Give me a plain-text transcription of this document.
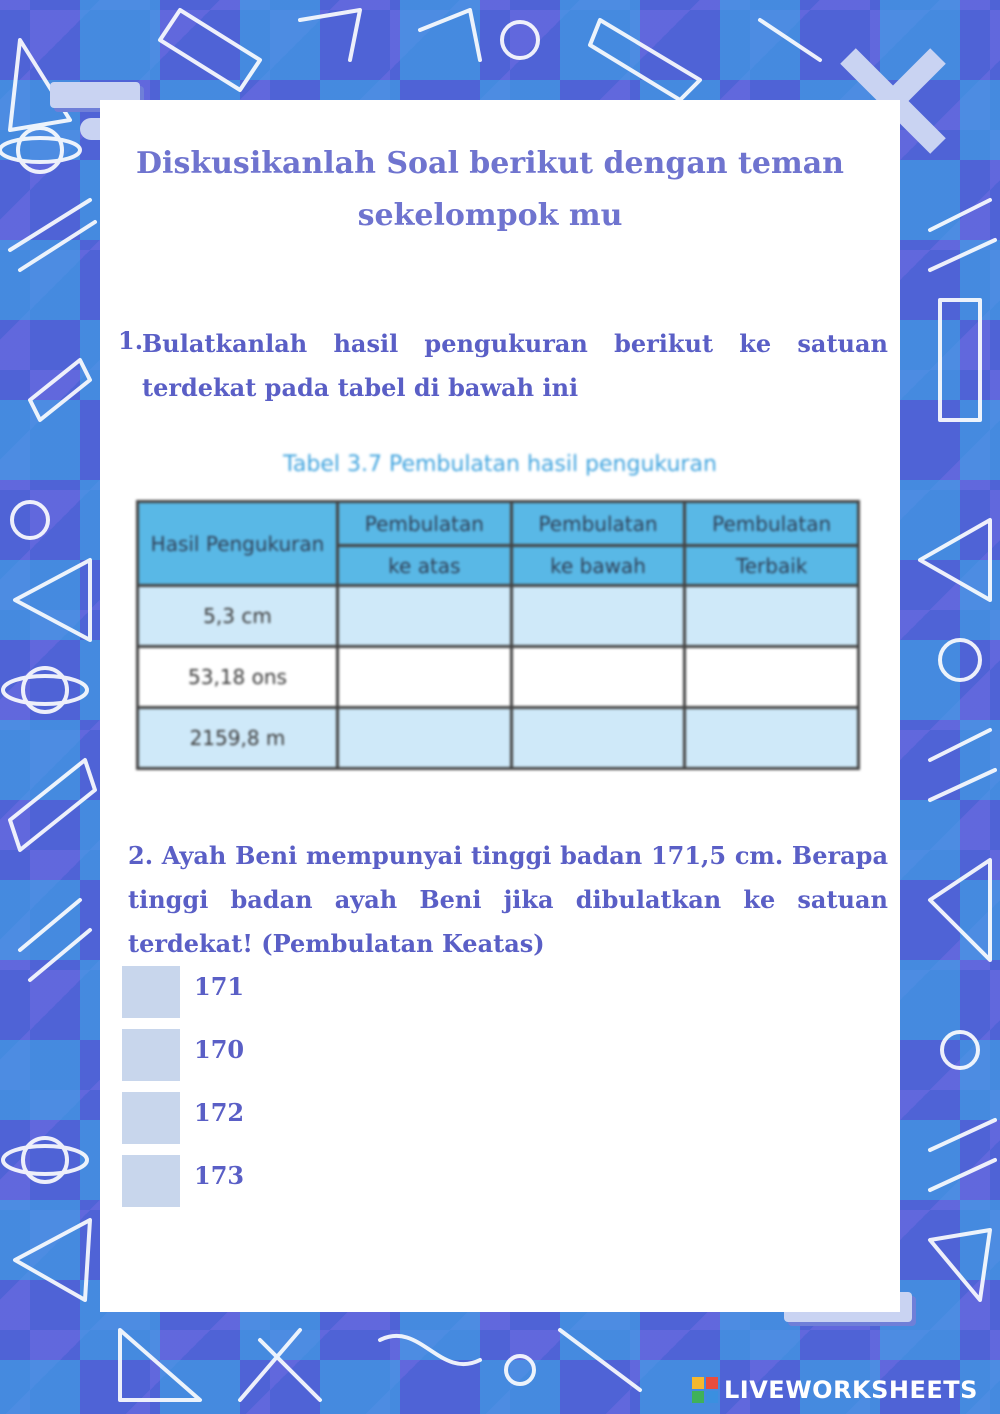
Diskusikanlah Soal berikut dengan teman
sekelompok mu
1.
Bulatkanlah hasil pengukuran berikut ke satuan terdekat pada tabel di bawah ini
Tabel 3.7 Pembulatan hasil pengukuran
Hasil Pengukuran	Pembulatan	Pembulatan	Pembulatan
	ke atas	ke bawah	Terbaik
5,3 cm			
53,18 ons			
2159,8 m			
2. Ayah Beni mempunyai tinggi badan 171,5 cm. Berapa tinggi badan ayah Beni jika dibulatkan ke satuan terdekat! (Pembulatan Keatas)
171
170
172
173
LIVEWORKSHEETS
